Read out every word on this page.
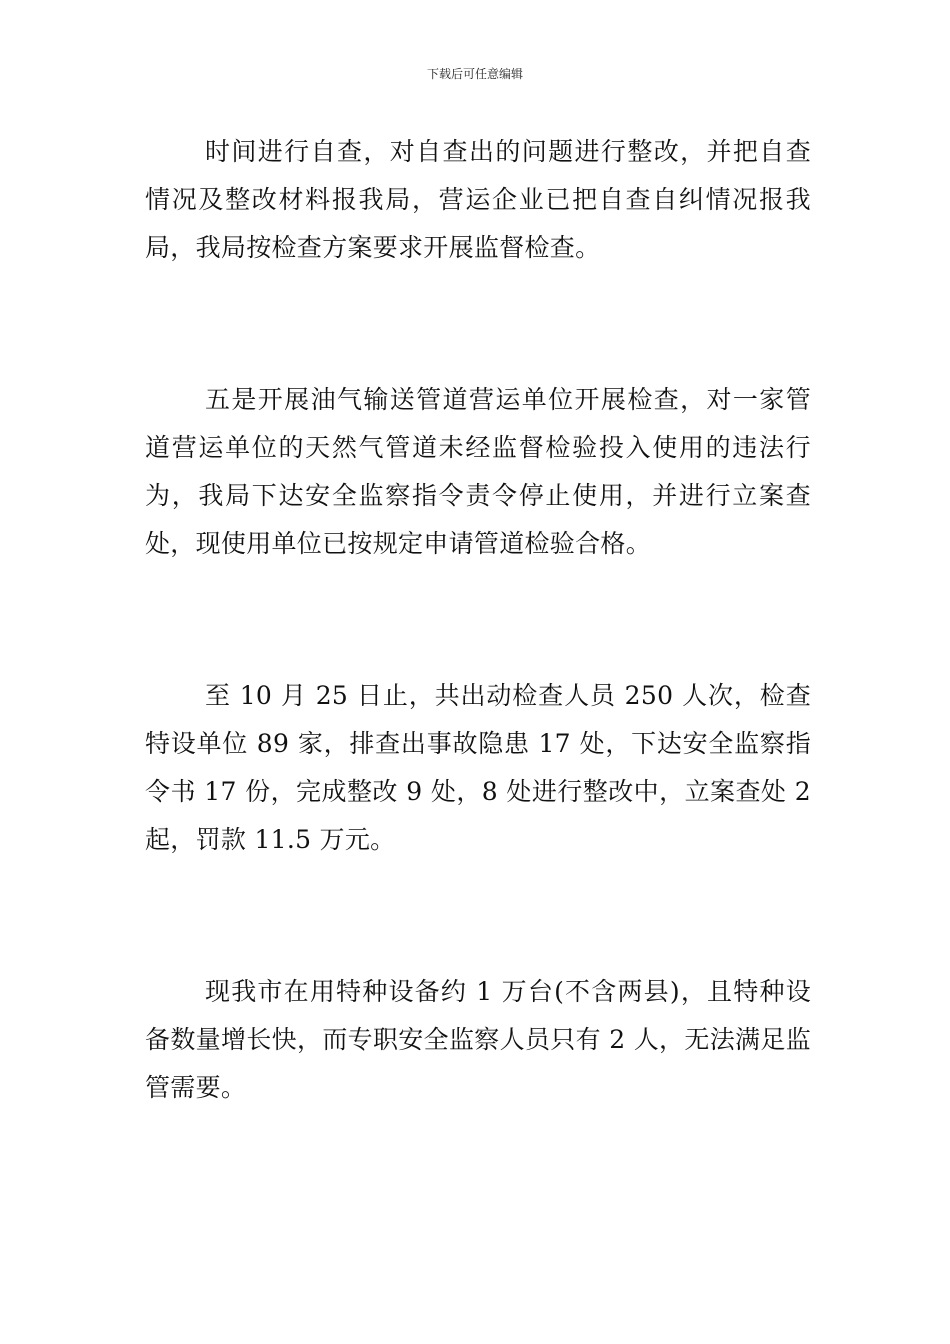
下载后可任意编辑

时间进行自查，对自查出的问题进行整改，并把自查情况及整改材料报我局，营运企业已把自查自纠情况报我局，我局按检查方案要求开展监督检查。

五是开展油气输送管道营运单位开展检查，对一家管道营运单位的天然气管道未经监督检验投入使用的违法行为，我局下达安全监察指令责令停止使用，并进行立案查处，现使用单位已按规定申请管道检验合格。

至 10 月 25 日止，共出动检查人员 250 人次，检查特设单位 89 家，排查出事故隐患 17 处，下达安全监察指令书 17 份，完成整改 9 处，8 处进行整改中，立案查处 2 起，罚款 11.5 万元。

现我市在用特种设备约 1 万台(不含两县)，且特种设备数量增长快，而专职安全监察人员只有 2 人，无法满足监管需要。
